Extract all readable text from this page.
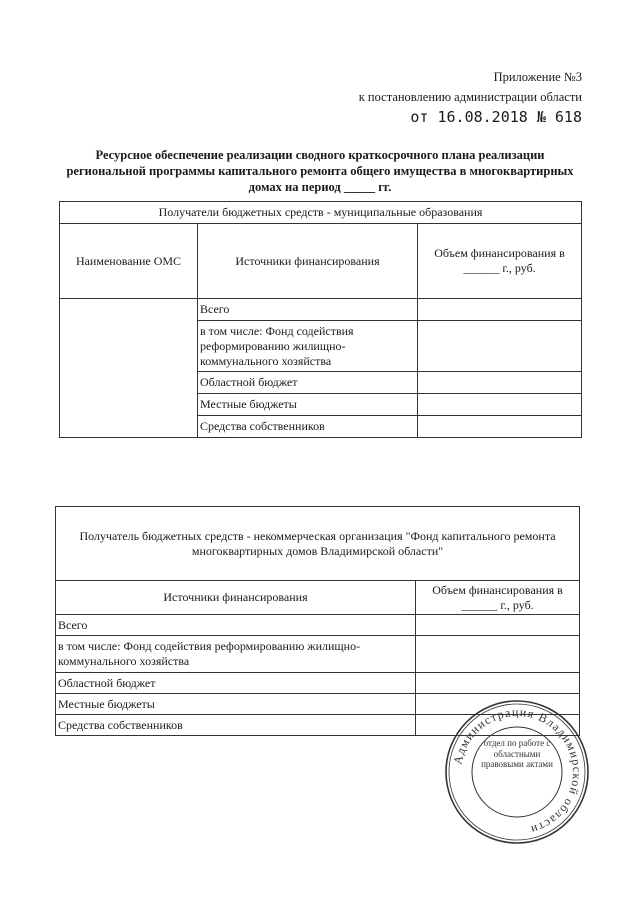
Приложение №3
к постановлению администрации области
от 16.08.2018 № 618
Ресурсное обеспечение реализации сводного краткосрочного плана реализации
региональной программы капитального ремонта общего имущества в многоквартирных
домах на период _____ гг.
Получатели бюджетных средств - муниципальные образования		
Наименование ОМС	Источники финансирования	Объем финансирования в ______ г., руб.
	Всего	
	в том числе: Фонд содействия реформированию жилищно-коммунального хозяйства	
	Областной бюджет	
	Местные бюджеты	
	Средства собственников	
Получатель бюджетных средств - некоммерческая организация "Фонд капитального ремонта многоквартирных домов Владимирской области"	
Источники финансирования	Объем финансирования в ______ г., руб.
Всего	
в том числе: Фонд содействия реформированию жилищно-коммунального хозяйства	
Областной бюджет	
Местные бюджеты	
Средства собственников	
Администрация Владимирской области
отдел по работе с областными правовыми актами
